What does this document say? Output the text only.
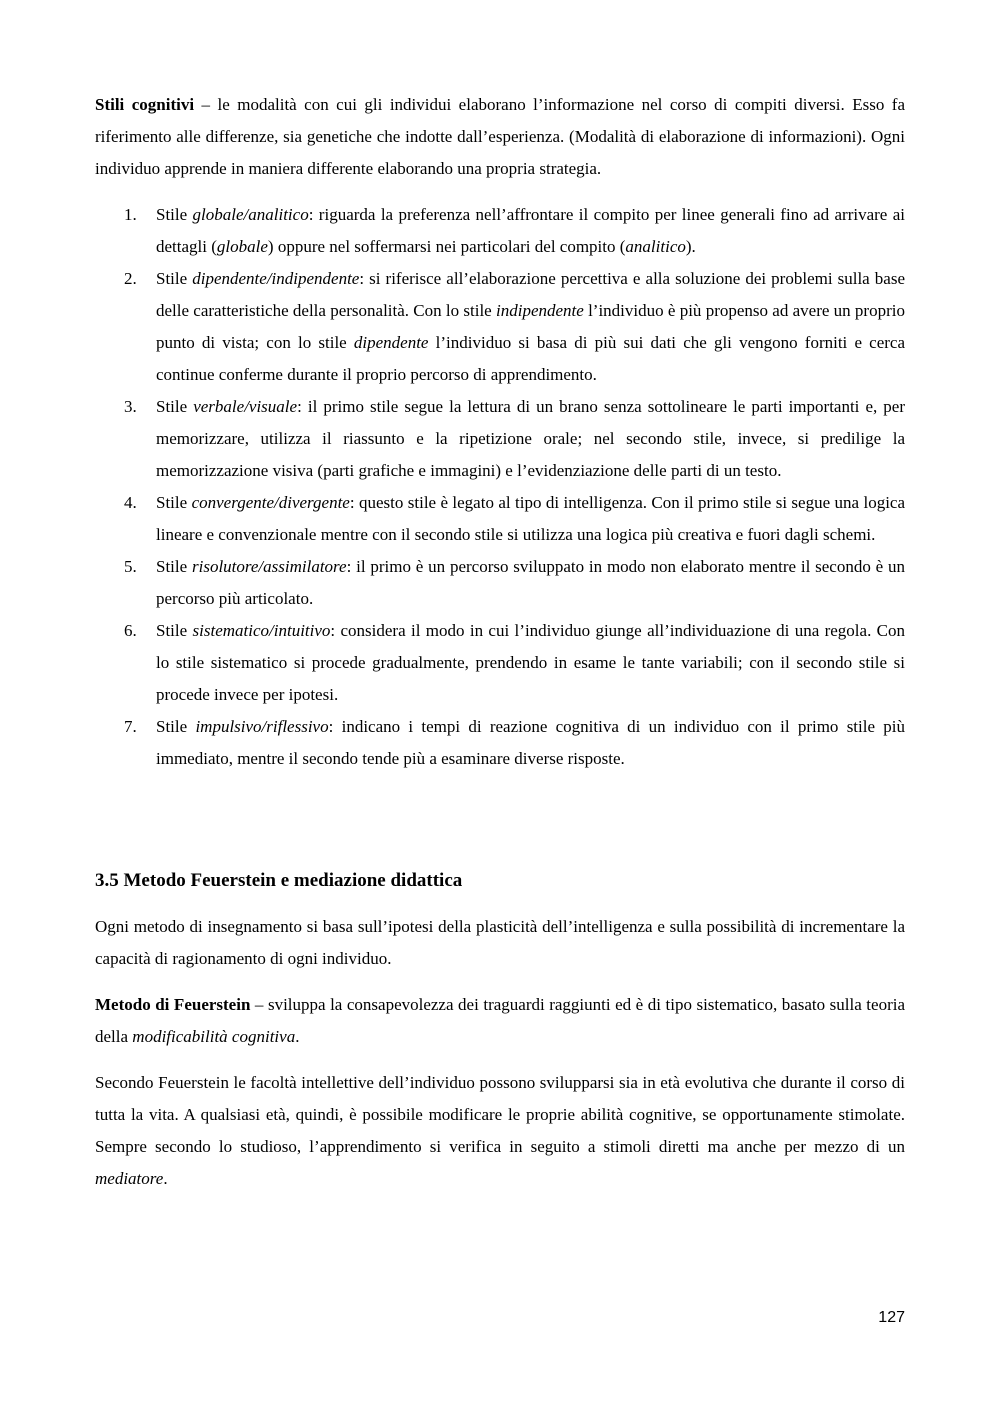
Stili cognitivi – le modalità con cui gli individui elaborano l’informazione nel corso di compiti diversi. Esso fa riferimento alle differenze, sia genetiche che indotte dall’esperienza. (Modalità di elaborazione di informazioni). Ogni individuo apprende in maniera differente elaborando una propria strategia.

1. Stile globale/analitico: riguarda la preferenza nell’affrontare il compito per linee generali fino ad arrivare ai dettagli (globale) oppure nel soffermarsi nei particolari del compito (analitico).
2. Stile dipendente/indipendente: si riferisce all’elaborazione percettiva e alla soluzione dei problemi sulla base delle caratteristiche della personalità. Con lo stile indipendente l’individuo è più propenso ad avere un proprio punto di vista; con lo stile dipendente l’individuo si basa di più sui dati che gli vengono forniti e cerca continue conferme durante il proprio percorso di apprendimento.
3. Stile verbale/visuale: il primo stile segue la lettura di un brano senza sottolineare le parti importanti e, per memorizzare, utilizza il riassunto e la ripetizione orale; nel secondo stile, invece, si predilige la memorizzazione visiva (parti grafiche e immagini) e l’evidenziazione delle parti di un testo.
4. Stile convergente/divergente: questo stile è legato al tipo di intelligenza. Con il primo stile si segue una logica lineare e convenzionale mentre con il secondo stile si utilizza una logica più creativa e fuori dagli schemi.
5. Stile risolutore/assimilatore: il primo è un percorso sviluppato in modo non elaborato mentre il secondo è un percorso più articolato.
6. Stile sistematico/intuitivo: considera il modo in cui l’individuo giunge all’individuazione di una regola. Con lo stile sistematico si procede gradualmente, prendendo in esame le tante variabili; con il secondo stile si procede invece per ipotesi.
7. Stile impulsivo/riflessivo: indicano i tempi di reazione cognitiva di un individuo con il primo stile più immediato, mentre il secondo tende più a esaminare diverse risposte.
3.5 Metodo Feuerstein e mediazione didattica

Ogni metodo di insegnamento si basa sull’ipotesi della plasticità dell’intelligenza e sulla possibilità di incrementare la capacità di ragionamento di ogni individuo.

Metodo di Feuerstein – sviluppa la consapevolezza dei traguardi raggiunti ed è di tipo sistematico, basato sulla teoria della modificabilità cognitiva.

Secondo Feuerstein le facoltà intellettive dell’individuo possono svilupparsi sia in età evolutiva che durante il corso di tutta la vita. A qualsiasi età, quindi, è possibile modificare le proprie abilità cognitive, se opportunamente stimolate. Sempre secondo lo studioso, l’apprendimento si verifica in seguito a stimoli diretti ma anche per mezzo di un mediatore.

127
